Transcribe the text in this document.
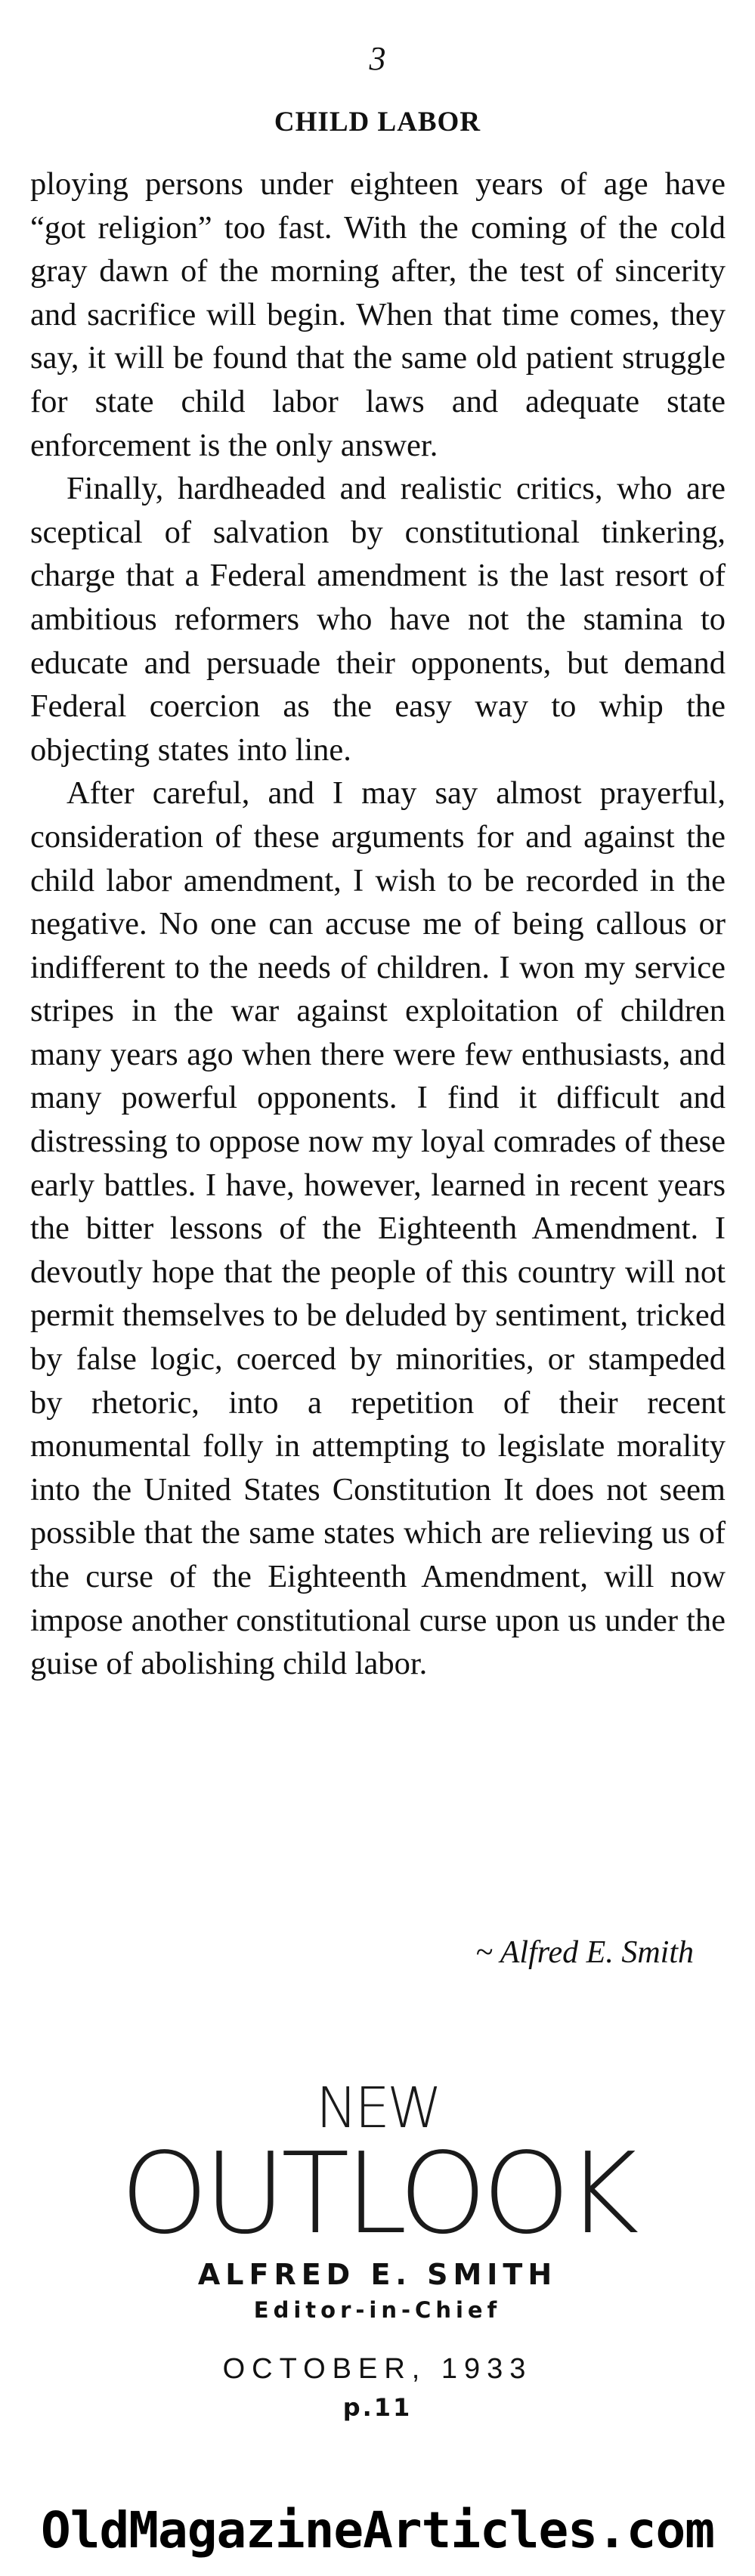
3
CHILD LABOR

ploying persons under eighteen years of age have “got religion” too fast. With the coming of the cold gray dawn of the morning after, the test of sincerity and sacrifice will begin. When that time comes, they say, it will be found that the same old patient struggle for state child labor laws and adequate state enforcement is the only answer.

Finally, hardheaded and realistic critics, who are sceptical of salvation by constitutional tinkering, charge that a Federal amendment is the last resort of ambitious reformers who have not the stamina to educate and persuade their opponents, but demand Federal coercion as the easy way to whip the objecting states into line.

After careful, and I may say almost prayerful, consideration of these arguments for and against the child labor amendment, I wish to be recorded in the negative. No one can accuse me of being callous or indifferent to the needs of children. I won my service stripes in the war against exploitation of children many years ago when there were few enthusiasts, and many powerful opponents. I find it difficult and distressing to oppose now my loyal comrades of these early battles. I have, however, learned in recent years the bitter lessons of the Eighteenth Amendment. I devoutly hope that the people of this country will not permit themselves to be deluded by sentiment, tricked by false logic, coerced by minorities, or stampeded by rhetoric, into a repetition of their recent monumental folly in attempting to legislate morality into the United States Constitution It does not seem possible that the same states which are relieving us of the curse of the Eighteenth Amendment, will now impose another constitutional curse upon us under the guise of abolishing child labor.

~ Alfred E. Smith
NEW
OUTLOOK
ALFRED E. SMITH
Editor-in-Chief
OCTOBER, 1933
p.11
OldMagazineArticles.com
